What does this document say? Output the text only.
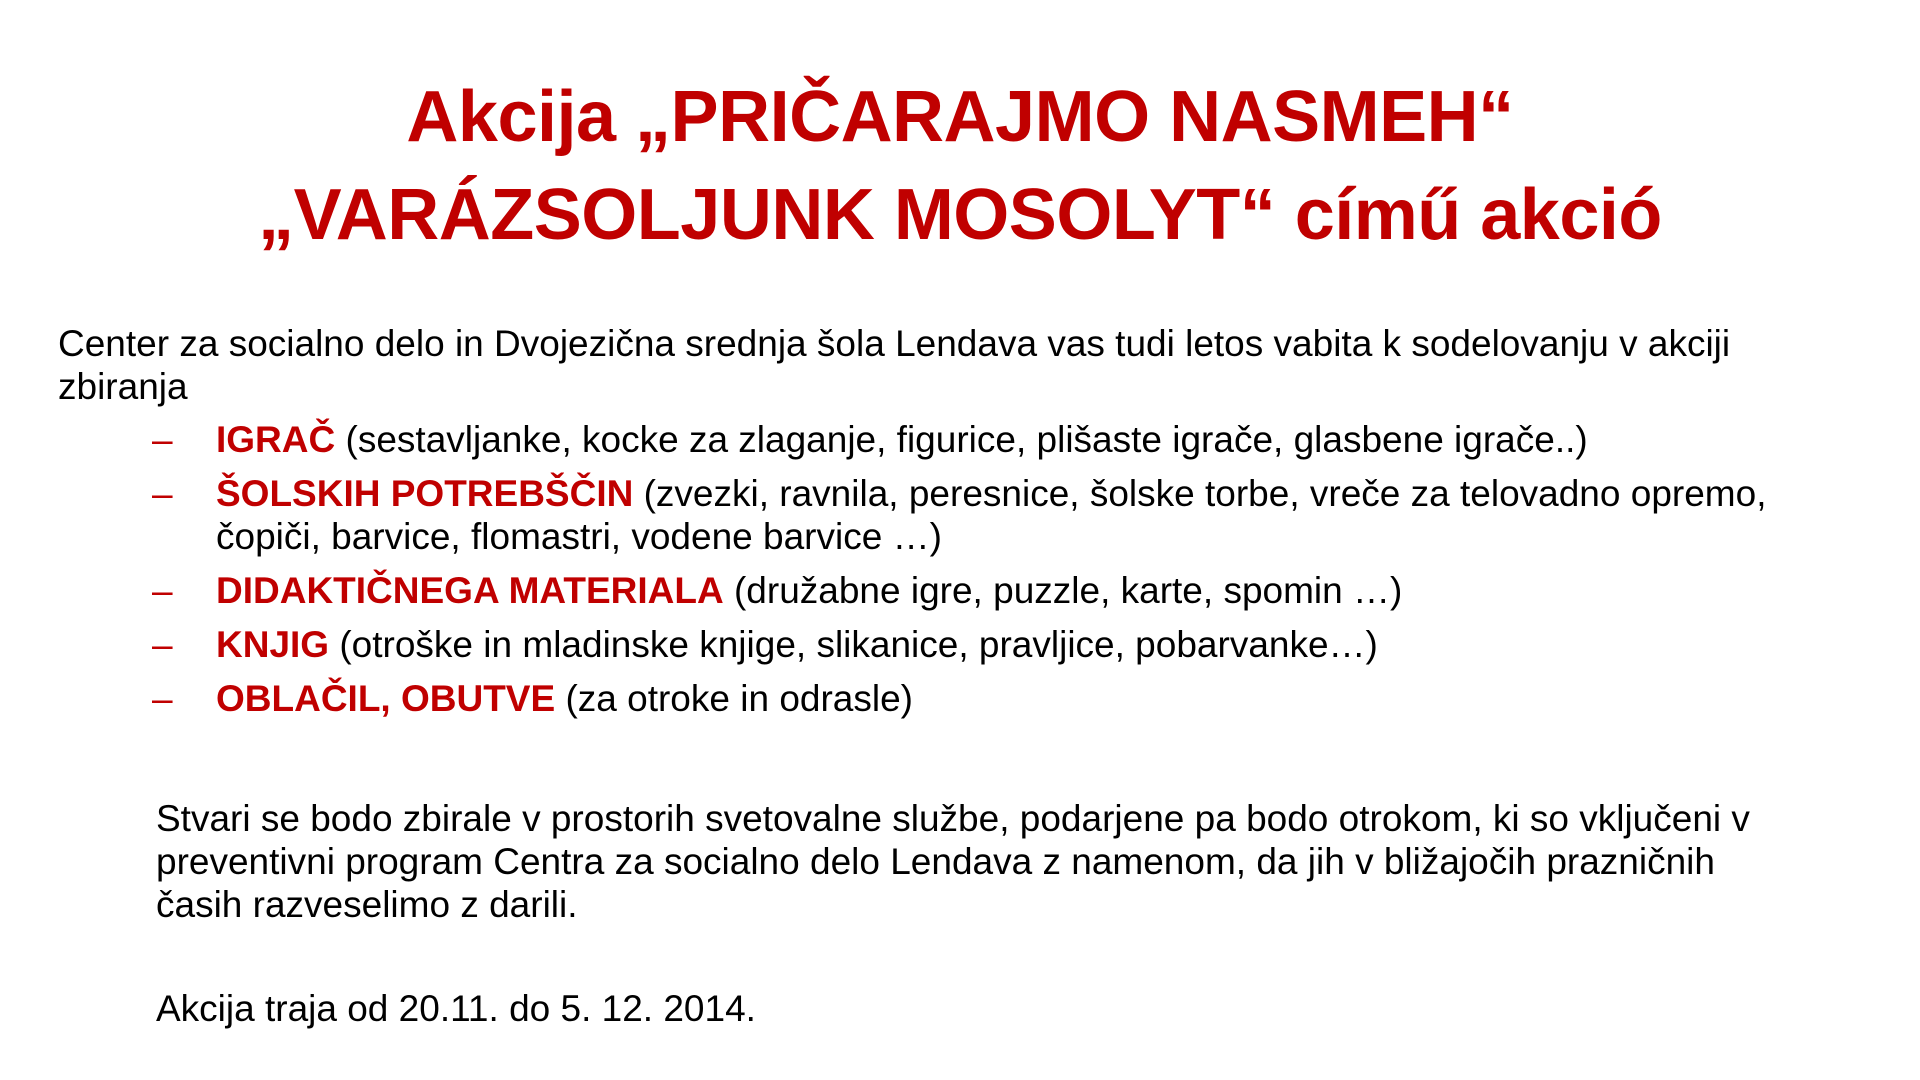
Akcija „PRIČARAJMO NASMEH“
„VARÁZSOLJUNK MOSOLYT“ című akció

Center za socialno delo in Dvojezična srednja šola Lendava vas tudi letos vabita k sodelovanju v akciji zbiranja

– IGRAČ (sestavljanke, kocke za zlaganje, figurice, plišaste igrače, glasbene igrače..)
– ŠOLSKIH POTREBŠČIN (zvezki, ravnila, peresnice, šolske torbe, vreče za telovadno opremo, čopiči, barvice, flomastri, vodene barvice …)
– DIDAKTIČNEGA MATERIALA (družabne igre, puzzle, karte, spomin …)
– KNJIG (otroške in mladinske knjige, slikanice, pravljice, pobarvanke…)
– OBLAČIL, OBUTVE (za otroke in odrasle)

Stvari se bodo zbirale v prostorih svetovalne službe, podarjene pa bodo otrokom, ki so vključeni v preventivni program Centra za socialno delo Lendava z namenom, da jih v bližajočih prazničnih časih razveselimo z darili.

Akcija traja od 20.11. do 5. 12. 2014.
